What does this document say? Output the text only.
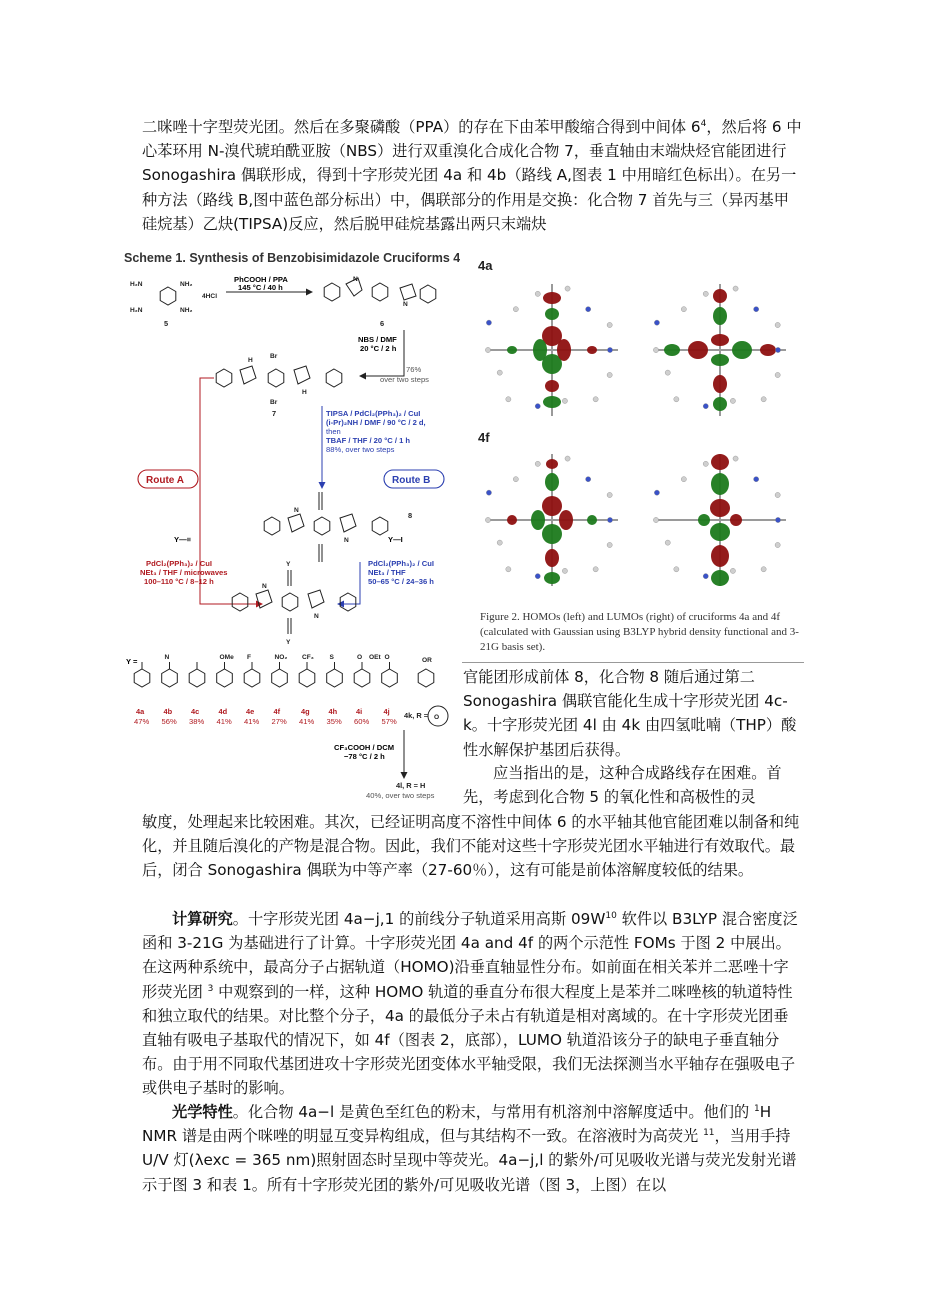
二咪唑十字型荧光团。然后在多聚磷酸（PPA）的存在下由苯甲酸缩合得到中间体 $6^4$，然后将 6 中心苯环用 N-溴代琥珀酰亚胺（NBS）进行双重溴化合成化合物 7，垂直轴由末端炔烃官能团进行 Sonogashira 偶联形成，得到十字形荧光团 4a 和 4b（路线 A,图表 1 中用暗红色标出）。在另一种方法（路线 B,图中蓝色部分标出）中，偶联部分的作用是交换：化合物 7 首先与三（异丙基甲硅烷基）乙炔(TIPSA)反应，然后脱甲硅烷基露出两只末端炔

Scheme 1. Synthesis of Benzobisimidazole Cruciforms 4a−l
H₂N	NH₂
H₂N	NH₂
4HCl
5
PhCOOH / PPA
145 °C / 40 h
N
N
6
NBS / DMF
20 °C / 2 h
76%
over two steps
Br
Br
H
H
7
Route A
Y—≡
PdCl₂(PPh₃)₂ / CuI
NEt₃ / THF / microwaves
100–110 °C / 8–12 h
TIPSA / PdCl₂(PPh₃)₂ / CuI
(i-Pr)₂NH / DMF / 90 °C / 2 d,
then
TBAF / THF / 20 °C / 1 h
88%, over two steps
Route B
N
N
8
Y—I
PdCl₂(PPh₃)₂ / CuI
NEt₃ / THF
50–65 °C / 24–36 h
Y
Y
N
N
Y =	N	OMe F	NO₂ CF₃ S	O OEt O	OR
4a
47%
4b
56%
4c
38%
4d
41%
4e
41%
4f
27%
4g
41%
4h
35%
4i
60%
4j
57%
4k, R = O
CF₃COOH / DCM
−78 °C / 2 h
4l, R = H
40%, over two steps
4a
4f
Figure 2. HOMOs (left) and LUMOs (right) of cruciforms 4a and 4f (calculated with Gaussian using B3LYP hybrid density functional and 3-21G basis set).

官能团形成前体 8，化合物 8 随后通过第二 Sonogashira 偶联官能化生成十字形荧光团 4c-k。十字形荧光团 4l 由 4k 由四氢吡喃（THP）酸性水解保护基团后获得。

应当指出的是，这种合成路线存在困难。首先，考虑到化合物 5 的氧化性和高极性的灵

敏度，处理起来比较困难。其次，已经证明高度不溶性中间体 6 的水平轴其他官能团难以制备和纯化，并且随后溴化的产物是混合物。因此，我们不能对这些十字形荧光团水平轴进行有效取代。最后，闭合 Sonogashira 偶联为中等产率（27-60％），这有可能是前体溶解度较低的结果。

计算研究。十字形荧光团 4a−j,1 的前线分子轨道采用高斯 $09W^{10}$ 软件以 B3LYP 混合密度泛函和 3-21G 为基础进行了计算。十字形荧光团 4a and 4f 的两个示范性 FOMs 于图 2 中展出。在这两种系统中，最高分子占据轨道（HOMO)沿垂直轴显性分布。如前面在相关苯并二恶唑十字形荧光团 $^3$ 中观察到的一样，这种 HOMO 轨道的垂直分布很大程度上是苯并二咪唑核的轨道特性和独立取代的结果。对比整个分子，4a 的最低分子未占有轨道是相对离域的。在十字形荧光团垂直轴有吸电子基取代的情况下，如 4f（图表 2，底部），LUMO 轨道沿该分子的缺电子垂直轴分布。由于用不同取代基团进攻十字形荧光团变体水平轴受限，我们无法探测当水平轴存在强吸电子或供电子基时的影响。

光学特性。化合物 4a−l 是黄色至红色的粉末，与常用有机溶剂中溶解度适中。他们的 $^1$H NMR 谱是由两个咪唑的明显互变异构组成，但与其结构不一致。在溶液时为高荧光 $^{11}$，当用手持 U/V 灯(λexc = 365 nm)照射固态时呈现中等荧光。4a−j,l 的紫外/可见吸收光谱与荧光发射光谱示于图 3 和表 1。所有十字形荧光团的紫外/可见吸收光谱（图 3，上图）在以
